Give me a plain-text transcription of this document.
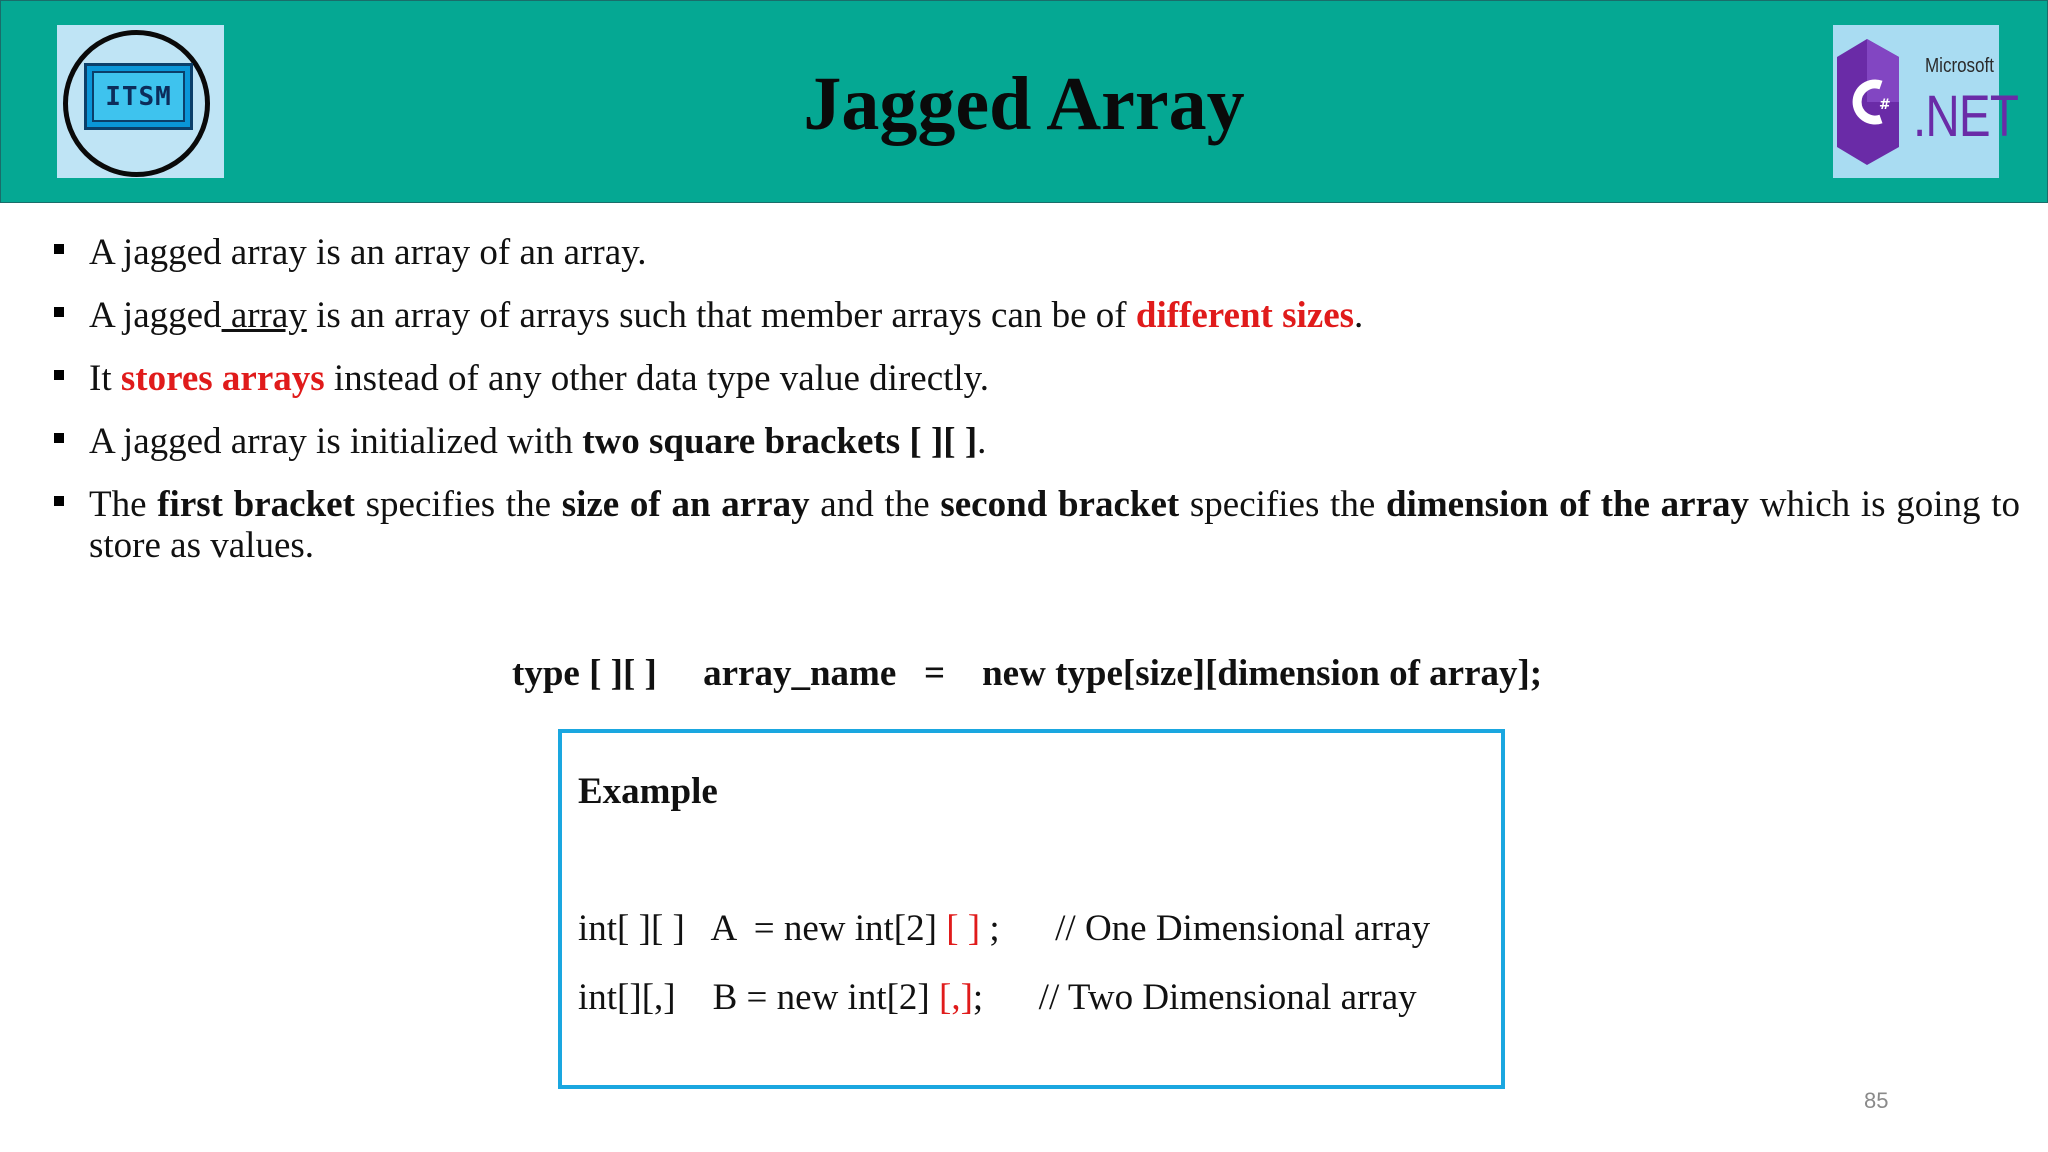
ITSM	Jagged Array	#
Microsoft
.NET
A jagged array is an array of an array.
A jagged array is an array of arrays such that member arrays can be of different sizes.
It stores arrays instead of any other data type value directly.
A jagged array is initialized with two square brackets [ ][ ].
The first bracket specifies the size of an array and the second bracket specifies the dimension of the array which is going to store as values.
type [ ][ ]     array_name   =    new type[size][dimension of array];
Example
int[ ][ ]   A  = new int[2] [ ] ;      // One Dimensional array
int[][,]    B = new int[2] [,];      // Two Dimensional array
85
